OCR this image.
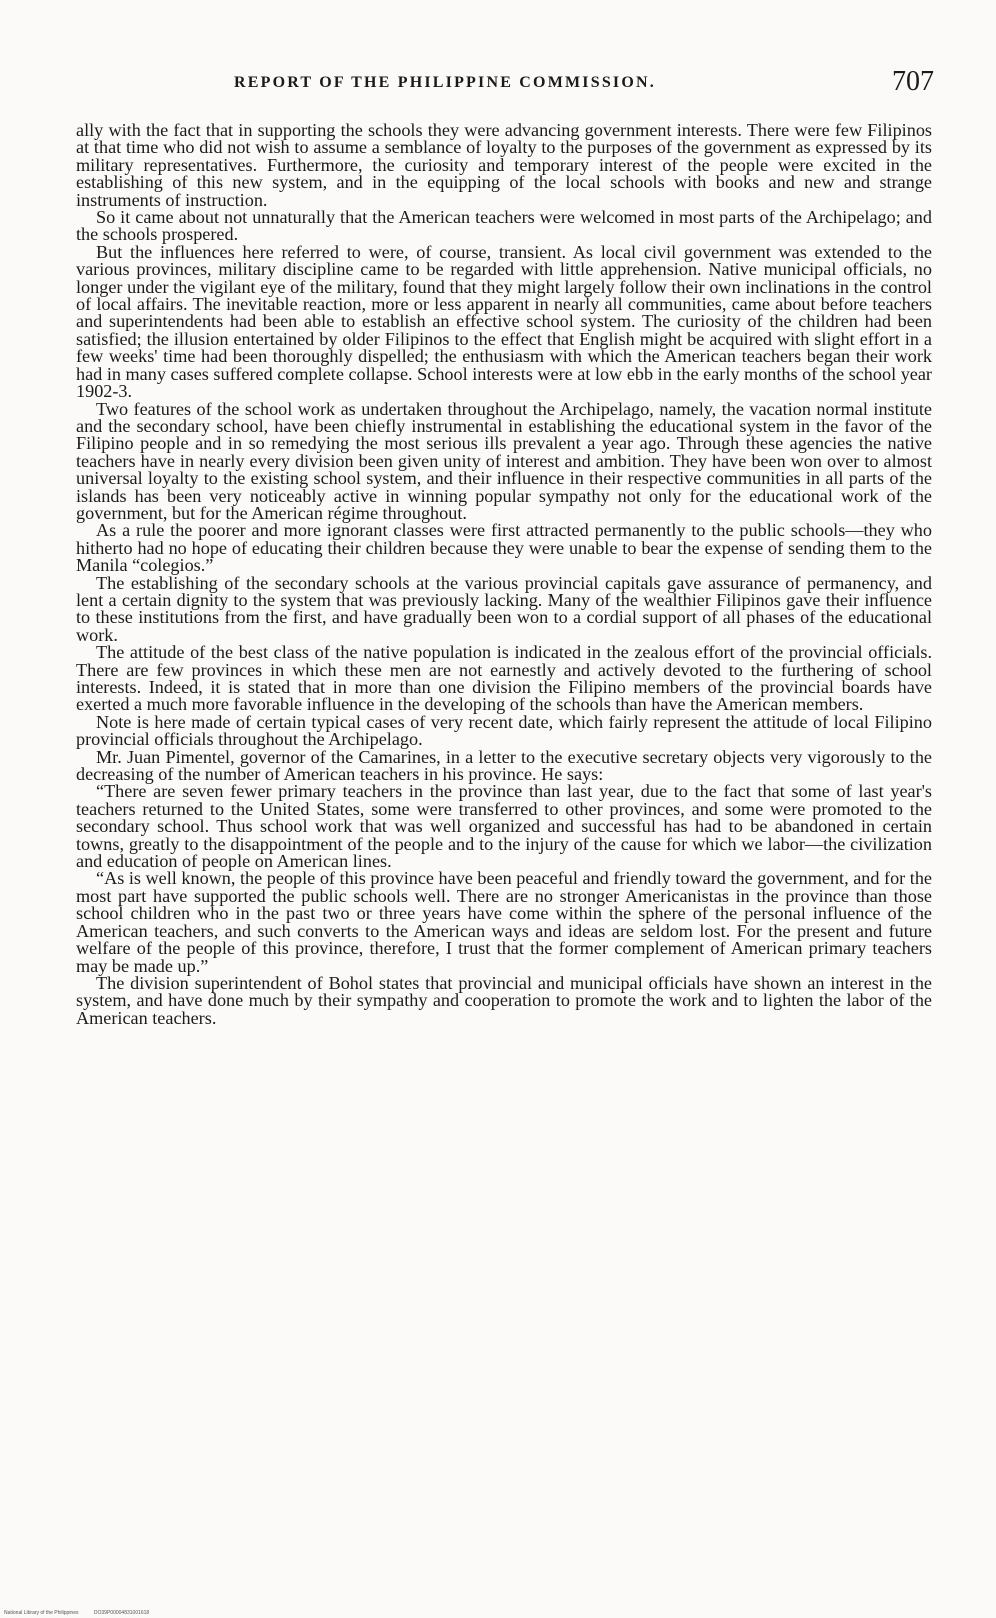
REPORT OF THE PHILIPPINE COMMISSION.	707

ally with the fact that in supporting the schools they were advancing government interests. There were few Filipinos at that time who did not wish to assume a semblance of loyalty to the purposes of the government as expressed by its military representatives. Furthermore, the curiosity and temporary interest of the people were excited in the establishing of this new system, and in the equipping of the local schools with books and new and strange instruments of instruction.

So it came about not unnaturally that the American teachers were welcomed in most parts of the Archipelago; and the schools prospered.

But the influences here referred to were, of course, transient. As local civil government was extended to the various provinces, military discipline came to be regarded with little apprehension. Native municipal officials, no longer under the vigilant eye of the military, found that they might largely follow their own inclinations in the control of local affairs. The inevitable reaction, more or less apparent in nearly all communities, came about before teachers and superintendents had been able to establish an effective school system. The curiosity of the children had been satisfied; the illusion entertained by older Filipinos to the effect that English might be acquired with slight effort in a few weeks' time had been thoroughly dispelled; the enthusiasm with which the American teachers began their work had in many cases suffered complete collapse. School interests were at low ebb in the early months of the school year 1902-3.

Two features of the school work as undertaken throughout the Archipelago, namely, the vacation normal institute and the secondary school, have been chiefly instrumental in establishing the educational system in the favor of the Filipino people and in so remedying the most serious ills prevalent a year ago. Through these agencies the native teachers have in nearly every division been given unity of interest and ambition. They have been won over to almost universal loyalty to the existing school system, and their influence in their respective communities in all parts of the islands has been very noticeably active in winning popular sympathy not only for the educational work of the government, but for the American régime throughout.

As a rule the poorer and more ignorant classes were first attracted permanently to the public schools—they who hitherto had no hope of educating their children because they were unable to bear the expense of sending them to the Manila “colegios.”

The establishing of the secondary schools at the various provincial capitals gave assurance of permanency, and lent a certain dignity to the system that was previously lacking. Many of the wealthier Filipinos gave their influence to these institutions from the first, and have gradually been won to a cordial support of all phases of the educational work.

The attitude of the best class of the native population is indicated in the zealous effort of the provincial officials. There are few provinces in which these men are not earnestly and actively devoted to the furthering of school interests. Indeed, it is stated that in more than one division the Filipino members of the provincial boards have exerted a much more favorable influence in the developing of the schools than have the American members.

Note is here made of certain typical cases of very recent date, which fairly represent the attitude of local Filipino provincial officials throughout the Archipelago.

Mr. Juan Pimentel, governor of the Camarines, in a letter to the executive secretary objects very vigorously to the decreasing of the number of American teachers in his province. He says:

“There are seven fewer primary teachers in the province than last year, due to the fact that some of last year's teachers returned to the United States, some were transferred to other provinces, and some were promoted to the secondary school. Thus school work that was well organized and successful has had to be abandoned in certain towns, greatly to the disappointment of the people and to the injury of the cause for which we labor—the civilization and education of people on American lines.

“As is well known, the people of this province have been peaceful and friendly toward the government, and for the most part have supported the public schools well. There are no stronger Americanistas in the province than those school children who in the past two or three years have come within the sphere of the personal influence of the American teachers, and such converts to the American ways and ideas are seldom lost. For the present and future welfare of the people of this province, therefore, I trust that the former complement of American primary teachers may be made up.”

The division superintendent of Bohol states that provincial and municipal officials have shown an interest in the system, and have done much by their sympathy and cooperation to promote the work and to lighten the labor of the American teachers.

National Library of the Philippines	DO39P00004831001618
